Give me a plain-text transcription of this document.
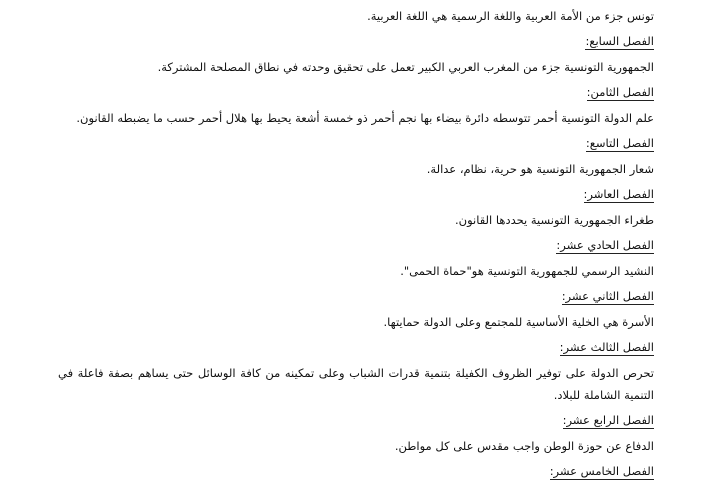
تونس جزء من الأمة العربية واللغة الرسمية هي اللغة العربية.

الفصل السابع:

الجمهورية التونسية جزء من المغرب العربي الكبير تعمل على تحقيق وحدته في نطاق المصلحة المشتركة.

الفصل الثامن:

علم الدولة التونسية أحمر تتوسطه دائرة بيضاء بها نجم أحمر ذو خمسة أشعة يحيط بها هلال أحمر حسب ما يضبطه القانون.

الفصل التاسع:

شعار الجمهورية التونسية هو حرية، نظام، عدالة.

الفصل العاشر:

طغراء الجمهورية التونسية يحددها القانون.

الفصل الحادي عشر:

النشيد الرسمي للجمهورية التونسية هو"حماة الحمى".

الفصل الثاني عشر:

الأسرة هي الخلية الأساسية للمجتمع وعلى الدولة حمايتها.

الفصل الثالث عشر:

تحرص الدولة على توفير الظروف الكفيلة بتنمية قدرات الشباب وعلى تمكينه من كافة الوسائل حتى يساهم بصفة فاعلة في التنمية الشاملة للبلاد.

الفصل الرابع عشر:

الدفاع عن حوزة الوطن واجب مقدس على كل مواطن.

الفصل الخامس عشر:
